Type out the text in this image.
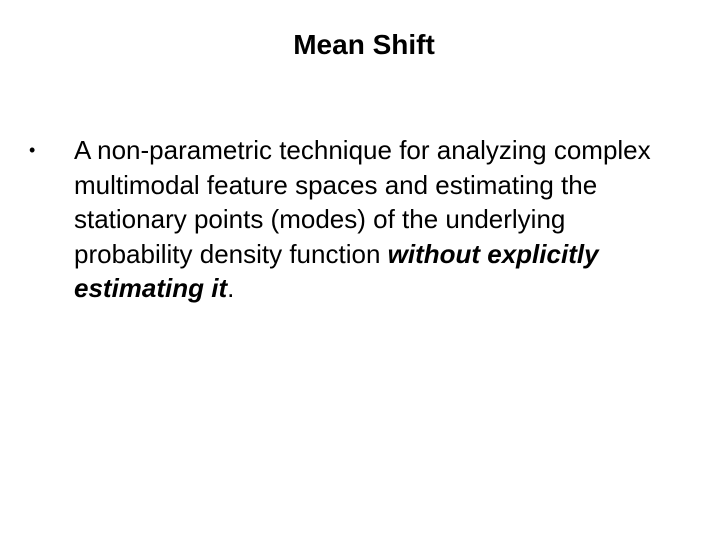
Mean Shift
• A non-parametric technique for analyzing complex multimodal feature spaces and estimating the stationary points (modes) of the underlying probability density function without explicitly estimating it.
